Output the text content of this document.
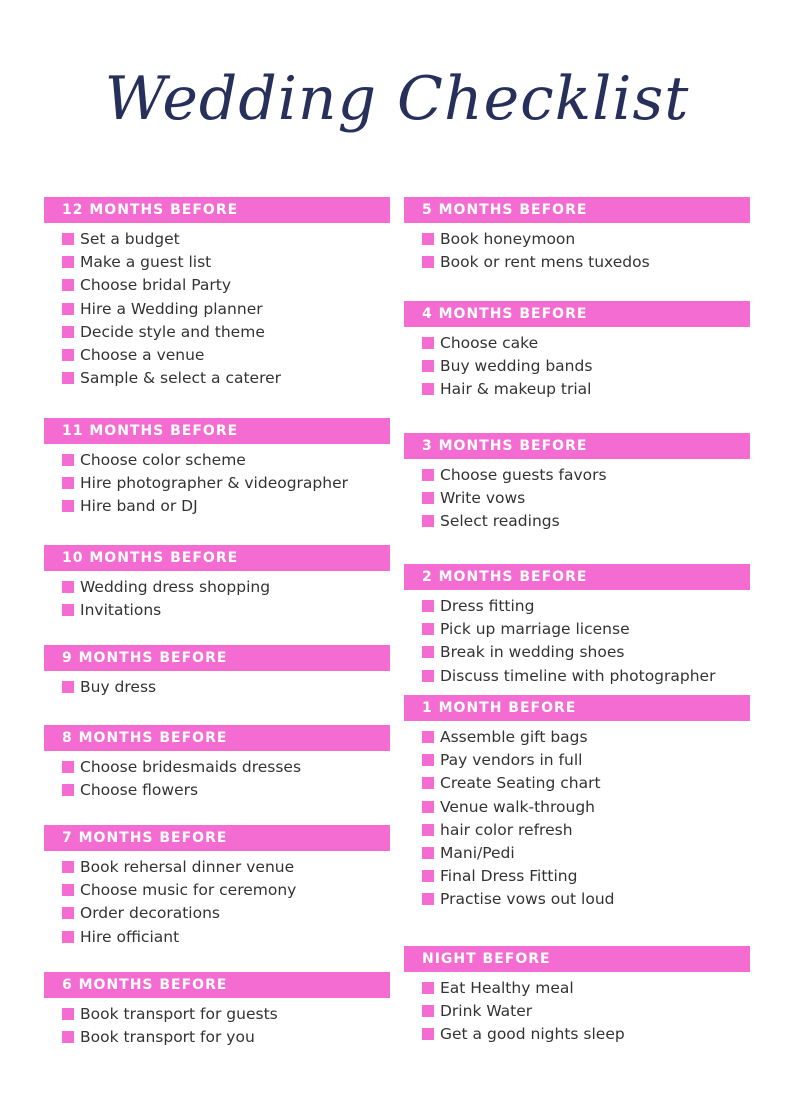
Wedding Checklist
12 MONTHS BEFORE
Set a budget
Make a guest list
Choose bridal Party
Hire a Wedding planner
Decide style and theme
Choose a venue
Sample & select a caterer
11 MONTHS BEFORE
Choose color scheme
Hire photographer & videographer
Hire band or DJ
10 MONTHS BEFORE
Wedding dress shopping
Invitations
9 MONTHS BEFORE
Buy dress
8 MONTHS BEFORE
Choose bridesmaids dresses
Choose flowers
7 MONTHS BEFORE
Book rehersal dinner venue
Choose music for ceremony
Order decorations
Hire officiant
6 MONTHS BEFORE
Book transport for guests
Book transport for you
5 MONTHS BEFORE
Book honeymoon
Book or rent mens tuxedos
4 MONTHS BEFORE
Choose cake
Buy wedding bands
Hair & makeup trial
3 MONTHS BEFORE
Choose guests favors
Write vows
Select readings
2 MONTHS BEFORE
Dress fitting
Pick up marriage license
Break in wedding shoes
Discuss timeline with photographer
1 MONTH BEFORE
Assemble gift bags
Pay vendors in full
Create Seating chart
Venue walk-through
hair color refresh
Mani/Pedi
Final Dress Fitting
Practise vows out loud
NIGHT BEFORE
Eat Healthy meal
Drink Water
Get a good nights sleep
